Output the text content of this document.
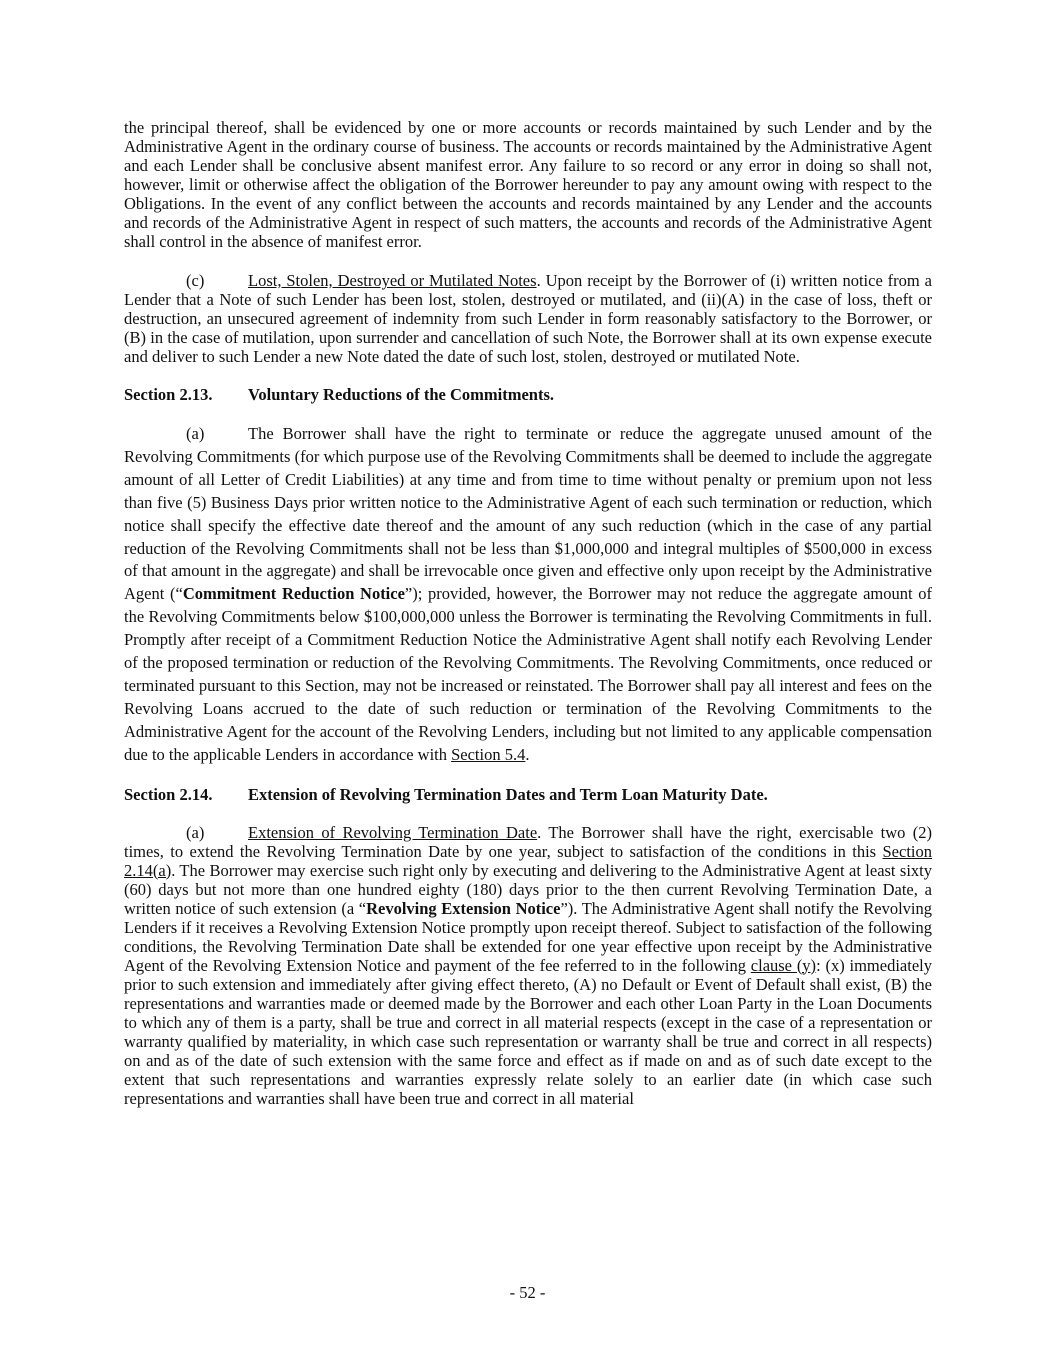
the principal thereof, shall be evidenced by one or more accounts or records maintained by such Lender and by the Administrative Agent in the ordinary course of business. The accounts or records maintained by the Administrative Agent and each Lender shall be conclusive absent manifest error. Any failure to so record or any error in doing so shall not, however, limit or otherwise affect the obligation of the Borrower hereunder to pay any amount owing with respect to the Obligations. In the event of any conflict between the accounts and records maintained by any Lender and the accounts and records of the Administrative Agent in respect of such matters, the accounts and records of the Administrative Agent shall control in the absence of manifest error.

(c)	Lost, Stolen, Destroyed or Mutilated Notes. Upon receipt by the Borrower of (i) written notice from a Lender that a Note of such Lender has been lost, stolen, destroyed or mutilated, and (ii)(A) in the case of loss, theft or destruction, an unsecured agreement of indemnity from such Lender in form reasonably satisfactory to the Borrower, or (B) in the case of mutilation, upon surrender and cancellation of such Note, the Borrower shall at its own expense execute and deliver to such Lender a new Note dated the date of such lost, stolen, destroyed or mutilated Note.

Section 2.13. Voluntary Reductions of the Commitments.

(a)	The Borrower shall have the right to terminate or reduce the aggregate unused amount of the Revolving Commitments (for which purpose use of the Revolving Commitments shall be deemed to include the aggregate amount of all Letter of Credit Liabilities) at any time and from time to time without penalty or premium upon not less than five (5) Business Days prior written notice to the Administrative Agent of each such termination or reduction, which notice shall specify the effective date thereof and the amount of any such reduction (which in the case of any partial reduction of the Revolving Commitments shall not be less than $1,000,000 and integral multiples of $500,000 in excess of that amount in the aggregate) and shall be irrevocable once given and effective only upon receipt by the Administrative Agent (“Commitment Reduction Notice”); provided, however, the Borrower may not reduce the aggregate amount of the Revolving Commitments below $100,000,000 unless the Borrower is terminating the Revolving Commitments in full. Promptly after receipt of a Commitment Reduction Notice the Administrative Agent shall notify each Revolving Lender of the proposed termination or reduction of the Revolving Commitments. The Revolving Commitments, once reduced or terminated pursuant to this Section, may not be increased or reinstated. The Borrower shall pay all interest and fees on the Revolving Loans accrued to the date of such reduction or termination of the Revolving Commitments to the Administrative Agent for the account of the Revolving Lenders, including but not limited to any applicable compensation due to the applicable Lenders in accordance with Section 5.4.

Section 2.14. Extension of Revolving Termination Dates and Term Loan Maturity Date.

(a)	Extension of Revolving Termination Date. The Borrower shall have the right, exercisable two (2) times, to extend the Revolving Termination Date by one year, subject to satisfaction of the conditions in this Section 2.14(a). The Borrower may exercise such right only by executing and delivering to the Administrative Agent at least sixty (60) days but not more than one hundred eighty (180) days prior to the then current Revolving Termination Date, a written notice of such extension (a “Revolving Extension Notice”). The Administrative Agent shall notify the Revolving Lenders if it receives a Revolving Extension Notice promptly upon receipt thereof. Subject to satisfaction of the following conditions, the Revolving Termination Date shall be extended for one year effective upon receipt by the Administrative Agent of the Revolving Extension Notice and payment of the fee referred to in the following clause (y): (x) immediately prior to such extension and immediately after giving effect thereto, (A) no Default or Event of Default shall exist, (B) the representations and warranties made or deemed made by the Borrower and each other Loan Party in the Loan Documents to which any of them is a party, shall be true and correct in all material respects (except in the case of a representation or warranty qualified by materiality, in which case such representation or warranty shall be true and correct in all respects) on and as of the date of such extension with the same force and effect as if made on and as of such date except to the extent that such representations and warranties expressly relate solely to an earlier date (in which case such representations and warranties shall have been true and correct in all material

- 52 -
